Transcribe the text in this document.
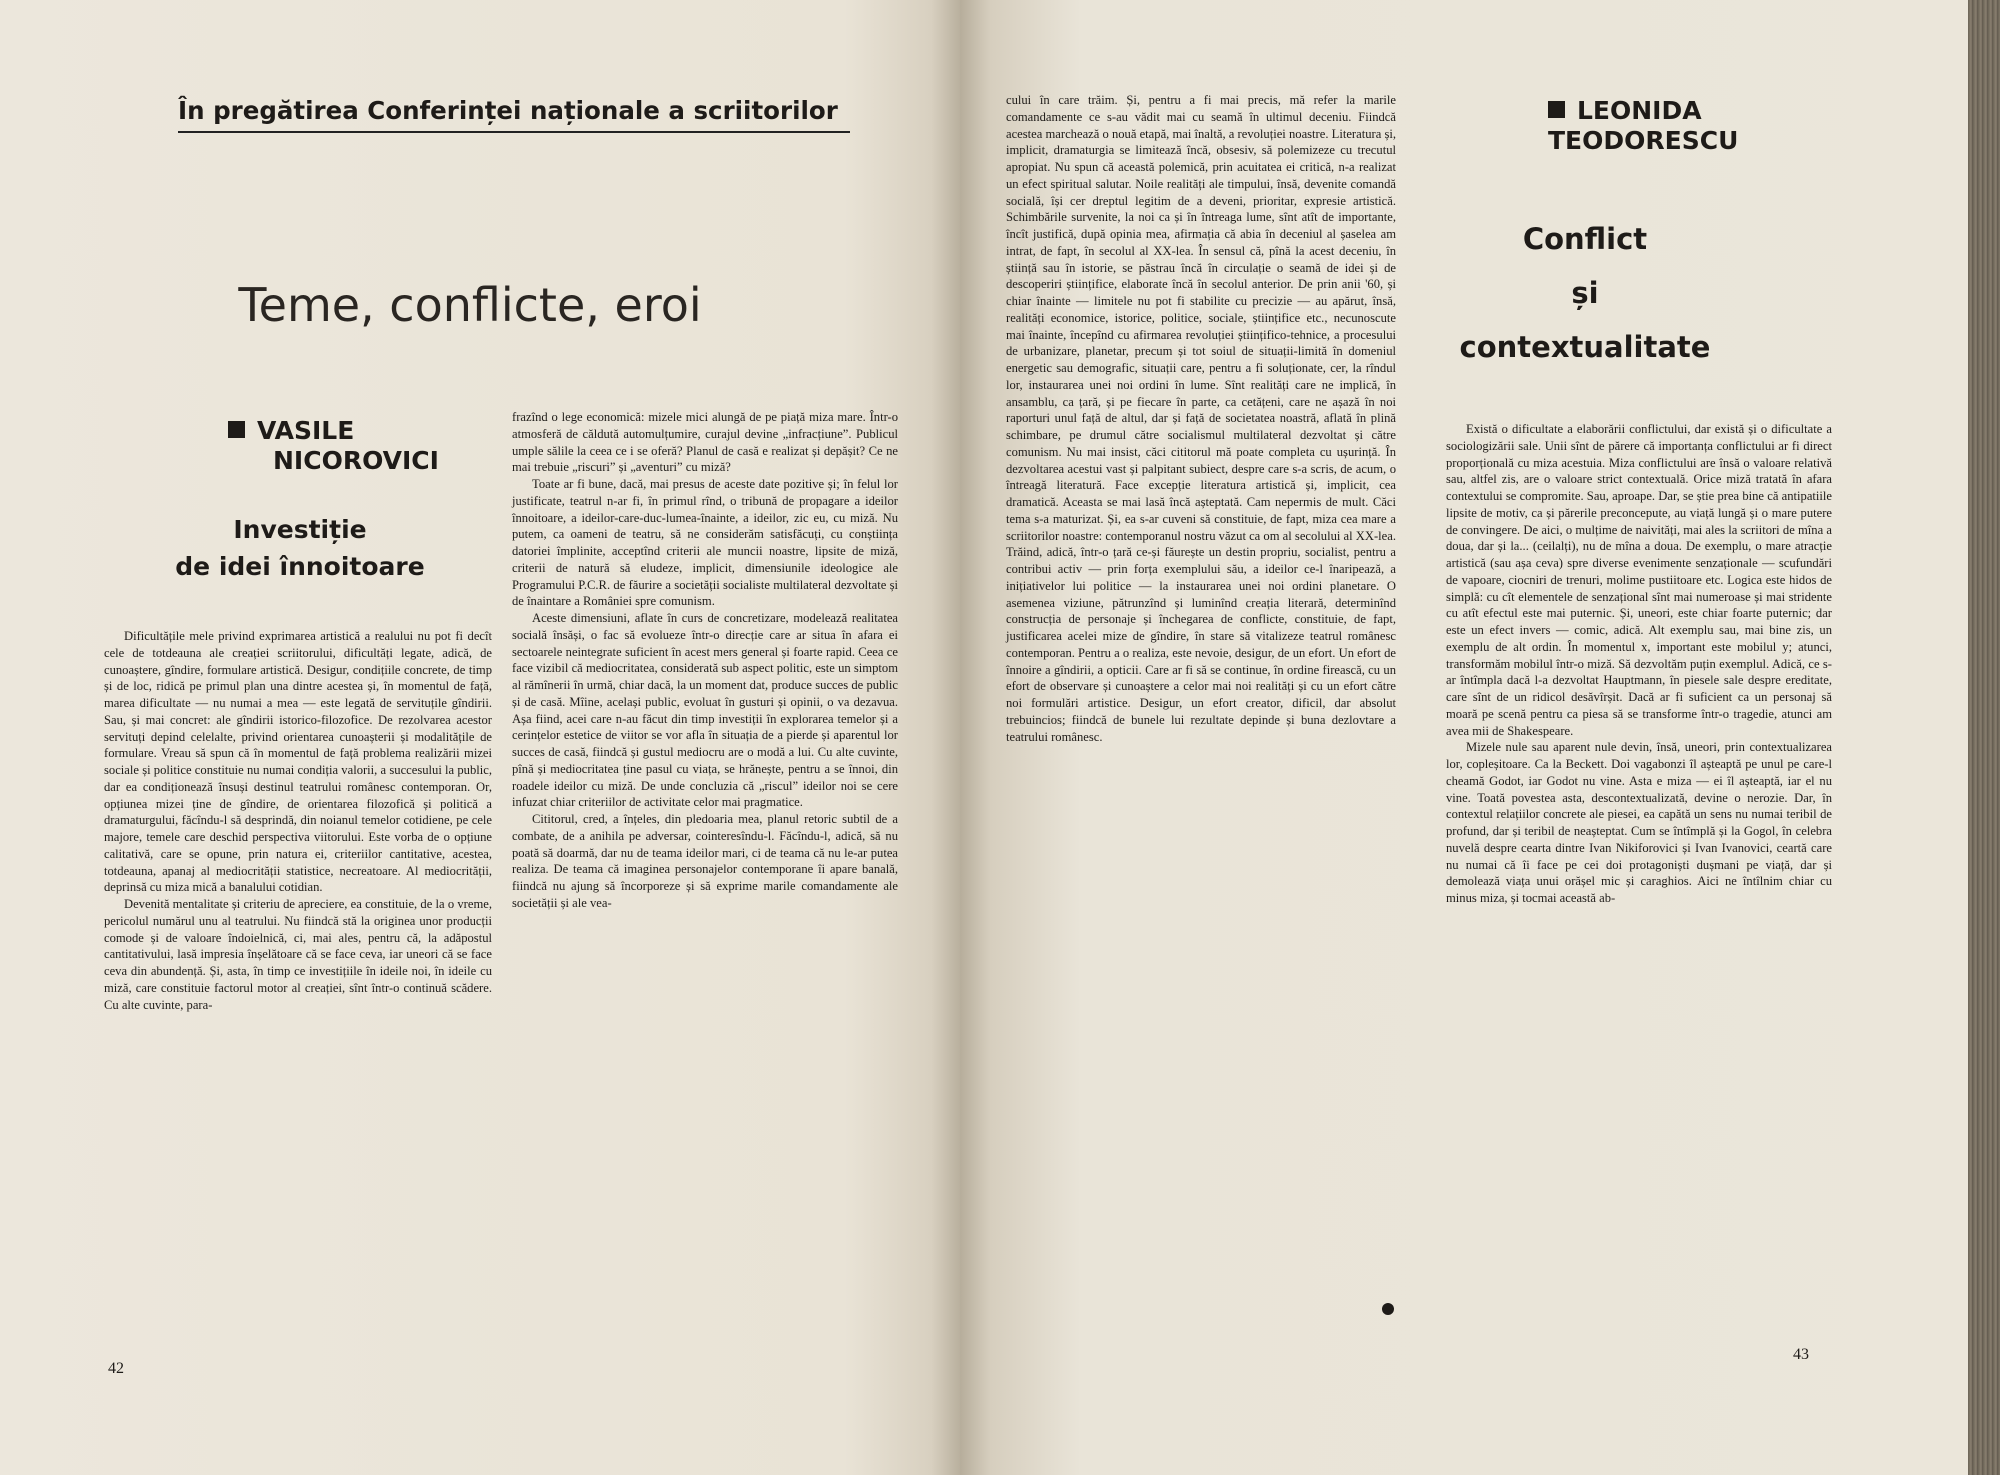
În pregătirea Conferinței naționale a scriitorilor
Teme, conflicte, eroi
VASILE
NICOROVICI
Investiție
de idei înnoitoare

Dificultățile mele privind exprimarea artistică a realului nu pot fi decît cele de totdeauna ale creației scriitorului, dificultăți legate, adică, de cunoaștere, gîndire, formulare artistică. Desigur, condițiile concrete, de timp și de loc, ridică pe primul plan una dintre acestea și, în momentul de față, marea dificultate — nu numai a mea — este legată de servituțile gîndirii. Sau, și mai concret: ale gîndirii istorico-filozofice. De rezolvarea acestor servituți depind celelalte, privind orientarea cunoașterii și modalitățile de formulare. Vreau să spun că în momentul de față problema realizării mizei sociale și politice constituie nu numai condiția valorii, a succesului la public, dar ea condiționează însuși destinul teatrului românesc contemporan. Or, opțiunea mizei ține de gîndire, de orientarea filozofică și politică a dramaturgului, făcîndu-l să desprindă, din noianul temelor cotidiene, pe cele majore, temele care deschid perspectiva viitorului. Este vorba de o opțiune calitativă, care se opune, prin natura ei, criteriilor cantitative, acestea, totdeauna, apanaj al mediocrității statistice, necreatoare. Al mediocrității, deprinsă cu miza mică a banalului cotidian.

Devenită mentalitate și criteriu de apreciere, ea constituie, de la o vreme, pericolul numărul unu al teatrului. Nu fiindcă stă la originea unor producții comode și de valoare îndoielnică, ci, mai ales, pentru că, la adăpostul cantitativului, lasă impresia înșelătoare că se face ceva, iar uneori că se face ceva din abundență. Și, asta, în timp ce investițiile în ideile noi, în ideile cu miză, care constituie factorul motor al creației, sînt într-o continuă scădere. Cu alte cuvinte, para-

frazînd o lege economică: mizele mici alungă de pe piață miza mare. Într-o atmosferă de căldută automulțumire, curajul devine „infracțiune”. Publicul umple sălile la ceea ce i se oferă? Planul de casă e realizat și depășit? Ce ne mai trebuie „riscuri” și „aventuri” cu miză?

Toate ar fi bune, dacă, mai presus de aceste date pozitive și; în felul lor justificate, teatrul n-ar fi, în primul rînd, o tribună de propagare a ideilor înnoitoare, a ideilor-care-duc-lumea-înainte, a ideilor, zic eu, cu miză. Nu putem, ca oameni de teatru, să ne considerăm satisfăcuți, cu conștiința datoriei împlinite, acceptînd criterii ale muncii noastre, lipsite de miză, criterii de natură să eludeze, implicit, dimensiunile ideologice ale Programului P.C.R. de făurire a societății socialiste multilateral dezvoltate și de înaintare a României spre comunism.

Aceste dimensiuni, aflate în curs de concretizare, modelează realitatea socială însăși, o fac să evolueze într-o direcție care ar situa în afara ei sectoarele neintegrate suficient în acest mers general și foarte rapid. Ceea ce face vizibil că mediocritatea, considerată sub aspect politic, este un simptom al rămînerii în urmă, chiar dacă, la un moment dat, produce succes de public și de casă. Mîine, același public, evoluat în gusturi și opinii, o va dezavua. Așa fiind, acei care n-au făcut din timp investiții în explorarea temelor și a cerințelor estetice de viitor se vor afla în situația de a pierde și aparentul lor succes de casă, fiindcă și gustul mediocru are o modă a lui. Cu alte cuvinte, pînă și mediocritatea ține pasul cu viața, se hrănește, pentru a se înnoi, din roadele ideilor cu miză. De unde concluzia că „riscul” ideilor noi se cere infuzat chiar criteriilor de activitate celor mai pragmatice.

Cititorul, cred, a înțeles, din pledoaria mea, planul retoric subtil de a combate, de a anihila pe adversar, cointeresîndu-l. Făcîndu-l, adică, să nu poată să doarmă, dar nu de teama ideilor mari, ci de teama că nu le-ar putea realiza. De teama că imaginea personajelor contemporane îi apare banală, fiindcă nu ajung să încorporeze și să exprime marile comandamente ale societății și ale vea-

42

cului în care trăim. Și, pentru a fi mai precis, mă refer la marile comandamente ce s-au vădit mai cu seamă în ultimul deceniu. Fiindcă acestea marchează o nouă etapă, mai înaltă, a revoluției noastre. Literatura și, implicit, dramaturgia se limitează încă, obsesiv, să polemizeze cu trecutul apropiat. Nu spun că această polemică, prin acuitatea ei critică, n-a realizat un efect spiritual salutar. Noile realități ale timpului, însă, devenite comandă socială, își cer dreptul legitim de a deveni, prioritar, expresie artistică. Schimbările survenite, la noi ca și în întreaga lume, sînt atît de importante, încît justifică, după opinia mea, afirmația că abia în deceniul al șaselea am intrat, de fapt, în secolul al XX-lea. În sensul că, pînă la acest deceniu, în știință sau în istorie, se păstrau încă în circulație o seamă de idei și de descoperiri științifice, elaborate încă în secolul anterior. De prin anii '60, și chiar înainte — limitele nu pot fi stabilite cu precizie — au apărut, însă, realități economice, istorice, politice, sociale, științifice etc., necunoscute mai înainte, începînd cu afirmarea revoluției științifico-tehnice, a procesului de urbanizare, planetar, precum și tot soiul de situații-limită în domeniul energetic sau demografic, situații care, pentru a fi soluționate, cer, la rîndul lor, instaurarea unei noi ordini în lume. Sînt realități care ne implică, în ansamblu, ca țară, și pe fiecare în parte, ca cetățeni, care ne așază în noi raporturi unul față de altul, dar și față de societatea noastră, aflată în plină schimbare, pe drumul către socialismul multilateral dezvoltat și către comunism. Nu mai insist, căci cititorul mă poate completa cu ușurință. În dezvoltarea acestui vast și palpitant subiect, despre care s-a scris, de acum, o întreagă literatură. Face excepție literatura artistică și, implicit, cea dramatică. Aceasta se mai lasă încă așteptată. Cam nepermis de mult. Căci tema s-a maturizat. Și, ea s-ar cuveni să constituie, de fapt, miza cea mare a scriitorilor noastre: contemporanul nostru văzut ca om al secolului al XX-lea. Trăind, adică, într-o țară ce-și făurește un destin propriu, socialist, pentru a contribui activ — prin forța exemplului său, a ideilor ce-l înaripează, a inițiativelor lui politice — la instaurarea unei noi ordini planetare. O asemenea viziune, pătrunzînd și luminînd creația literară, determinînd construcția de personaje și închegarea de conflicte, constituie, de fapt, justificarea acelei mize de gîndire, în stare să vitalizeze teatrul românesc contemporan. Pentru a o realiza, este nevoie, desigur, de un efort. Un efort de înnoire a gîndirii, a opticii. Care ar fi să se continue, în ordine firească, cu un efort de observare și cunoaștere a celor mai noi realități și cu un efort către noi formulări artistice. Desigur, un efort creator, dificil, dar absolut trebuincios; fiindcă de bunele lui rezultate depinde și buna dezlovtare a teatrului românesc.

LEONIDA
TEODORESCU
Conflict
și
contextualitate

Există o dificultate a elaborării conflictului, dar există și o dificultate a sociologizării sale. Unii sînt de părere că importanța conflictului ar fi direct proporțională cu miza acestuia. Miza conflictului are însă o valoare relativă sau, altfel zis, are o valoare strict contextuală. Orice miză tratată în afara contextului se compromite. Sau, aproape. Dar, se știe prea bine că antipatiile lipsite de motiv, ca și părerile preconcepute, au viață lungă și o mare putere de convingere. De aici, o mulțime de naivități, mai ales la scriitori de mîna a doua, dar și la... (ceilalți), nu de mîna a doua. De exemplu, o mare atracție artistică (sau așa ceva) spre diverse evenimente senzaționale — scufundări de vapoare, ciocniri de trenuri, molime pustiitoare etc. Logica este hidos de simplă: cu cît elementele de senzațional sînt mai numeroase și mai stridente cu atît efectul este mai puternic. Și, uneori, este chiar foarte puternic; dar este un efect invers — comic, adică. Alt exemplu sau, mai bine zis, un exemplu de alt ordin. În momentul x, important este mobilul y; atunci, transformăm mobilul într-o miză. Să dezvoltăm puțin exemplul. Adică, ce s-ar întîmpla dacă l-a dezvoltat Hauptmann, în piesele sale despre ereditate, care sînt de un ridicol desăvîrșit. Dacă ar fi suficient ca un personaj să moară pe scenă pentru ca piesa să se transforme într-o tragedie, atunci am avea mii de Shakespeare.

Mizele nule sau aparent nule devin, însă, uneori, prin contextualizarea lor, copleșitoare. Ca la Beckett. Doi vagabonzi îl așteaptă pe unul pe care-l cheamă Godot, iar Godot nu vine. Asta e miza — ei îl așteaptă, iar el nu vine. Toată povestea asta, descontextualizată, devine o nerozie. Dar, în contextul relațiilor concrete ale piesei, ea capătă un sens nu numai teribil de profund, dar și teribil de neașteptat. Cum se întîmplă și la Gogol, în celebra nuvelă despre cearta dintre Ivan Nikiforovici și Ivan Ivanovici, ceartă care nu numai că îi face pe cei doi protagoniști dușmani pe viață, dar și demolează viața unui orășel mic și caraghios. Aici ne întîlnim chiar cu minus miza, și tocmai această ab-

43
